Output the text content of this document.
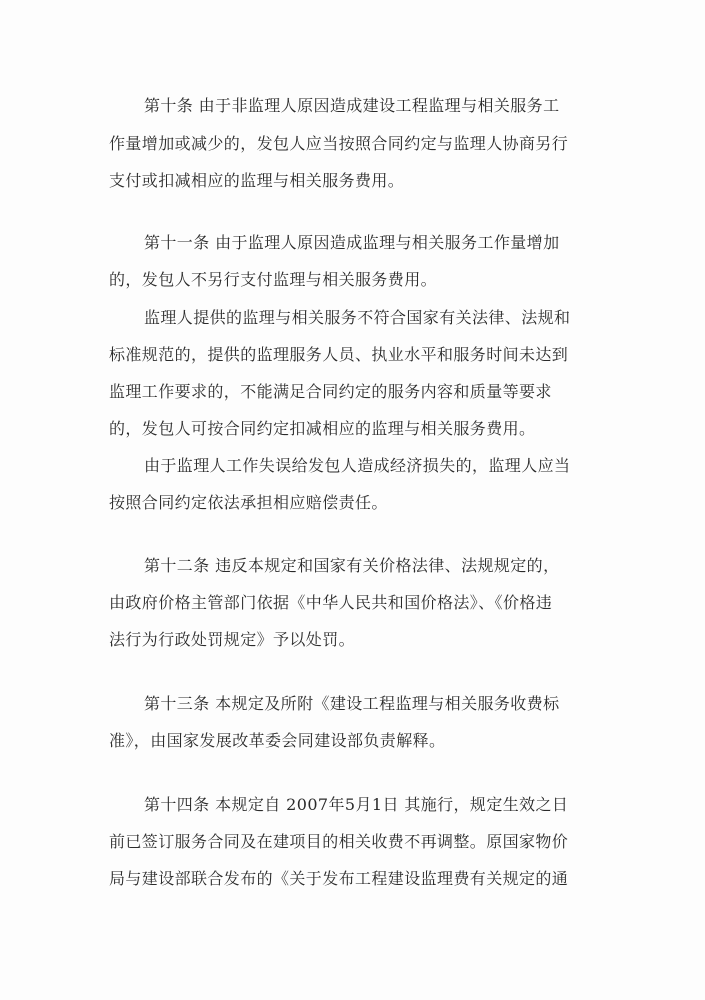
第十条 由于非监理人原因造成建设工程监理与相关服务工
作量增加或减少的，发包人应当按照合同约定与监理人协商另行
支付或扣减相应的监理与相关服务费用。
第十一条 由于监理人原因造成监理与相关服务工作量增加
的，发包人不另行支付监理与相关服务费用。
监理人提供的监理与相关服务不符合国家有关法律、法规和
标准规范的，提供的监理服务人员、执业水平和服务时间未达到
监理工作要求的，不能满足合同约定的服务内容和质量等要求
的，发包人可按合同约定扣减相应的监理与相关服务费用。
由于监理人工作失误给发包人造成经济损失的，监理人应当
按照合同约定依法承担相应赔偿责任。
第十二条 违反本规定和国家有关价格法律、法规规定的，
由政府价格主管部门依据《中华人民共和国价格法》、《价格违
法行为行政处罚规定》予以处罚。
第十三条 本规定及所附《建设工程监理与相关服务收费标
准》，由国家发展改革委会同建设部负责解释。
第十四条 本规定自 2007年5月1日 其施行，规定生效之日
前已签订服务合同及在建项目的相关收费不再调整。原国家物价
局与建设部联合发布的《关于发布工程建设监理费有关规定的通
